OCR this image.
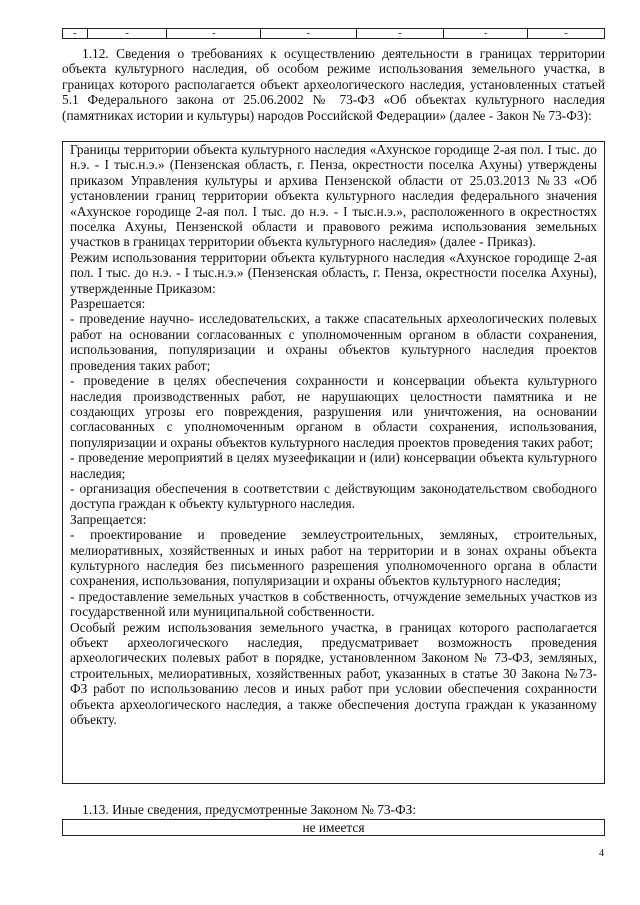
-	-	-	-	-	-	-

1.12. Сведения о требованиях к осуществлению деятельности в границах территории объекта культурного наследия, об особом режиме использования земельного участка, в границах которого располагается объект археологического наследия, установленных статьей 5.1 Федерального закона от 25.06.2002 № 73-ФЗ «Об объектах культурного наследия (памятниках истории и культуры) народов Российской Федерации» (далее - Закон № 73-ФЗ):

Границы территории объекта культурного наследия «Ахунское городище 2-ая пол. I тыс. до н.э. - I тыс.н.э.» (Пензенская область, г. Пенза, окрестности поселка Ахуны) утверждены приказом Управления культуры и архива Пензенской области от 25.03.2013 №33 «Об установлении границ территории объекта культурного наследия федерального значения «Ахунское городище 2-ая пол. I тыс. до н.э. - I тыс.н.э.», расположенного в окрестностях поселка Ахуны, Пензенской области и правового режима использования земельных участков в границах территории объекта культурного наследия» (далее - Приказ).

Режим использования территории объекта культурного наследия «Ахунское городище 2-ая пол. I тыс. до н.э. - I тыс.н.э.» (Пензенская область, г. Пенза, окрестности поселка Ахуны), утвержденные Приказом:

Разрешается:

- проведение научно- исследовательских, а также спасательных археологических полевых работ на основании согласованных с уполномоченным органом в области сохранения, использования, популяризации и охраны объектов культурного наследия проектов проведения таких работ;

- проведение в целях обеспечения сохранности и консервации объекта культурного наследия производственных работ, не нарушающих целостности памятника и не создающих угрозы его повреждения, разрушения или уничтожения, на основании согласованных с уполномоченным органом в области сохранения, использования, популяризации и охраны объектов культурного наследия проектов проведения таких работ;

- проведение мероприятий в целях музеефикации и (или) консервации объекта культурного наследия;

- организация обеспечения в соответствии с действующим законодательством свободного доступа граждан к объекту культурного наследия.

Запрещается:

- проектирование и проведение землеустроительных, земляных, строительных, мелиоративных, хозяйственных и иных работ на территории и в зонах охраны объекта культурного наследия без письменного разрешения уполномоченного органа в области сохранения, использования, популяризации и охраны объектов культурного наследия;

- предоставление земельных участков в собственность, отчуждение земельных участков из государственной или муниципальной собственности.

Особый режим использования земельного участка, в границах которого располагается объект археологического наследия, предусматривает возможность проведения археологических полевых работ в порядке, установленном Законом № 73-ФЗ, земляных, строительных, мелиоративных, хозяйственных работ, указанных в статье 30 Закона №73-ФЗ работ по использованию лесов и иных работ при условии обеспечения сохранности объекта археологического наследия, а также обеспечения доступа граждан к указанному объекту.

1.13. Иные сведения, предусмотренные Законом № 73-ФЗ:

не имеется
4
